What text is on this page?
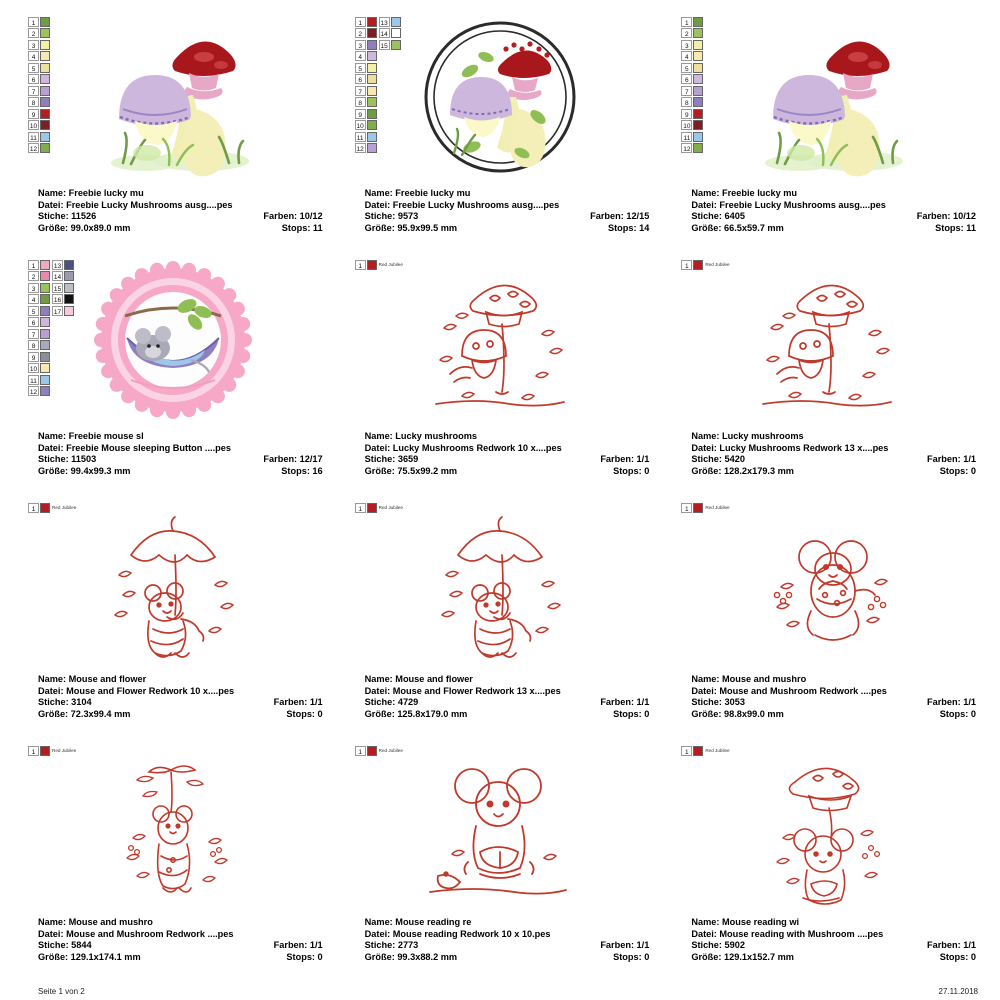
1
2
3
4
5
6
7
8
9
10
11
12
Name: Freebie lucky mu
Datei: Freebie Lucky Mushrooms ausg....pes
Stiche: 11526	Farben: 10/12
Größe: 99.0x89.0 mm	Stops: 11
1
2
3
4
5
6
7
8
9
10
11
12
13
14
15
Name: Freebie lucky mu
Datei: Freebie Lucky Mushrooms ausg....pes
Stiche: 9573	Farben: 12/15
Größe: 95.9x99.5 mm	Stops: 14
1
2
3
4
5
6
7
8
9
10
11
12
Name: Freebie lucky mu
Datei: Freebie Lucky Mushrooms ausg....pes
Stiche: 6405	Farben: 10/12
Größe: 66.5x59.7 mm	Stops: 11
1
2
3
4
5
6
7
8
9
10
11
12
13
14
15
16
17
Name: Freebie mouse sl
Datei: Freebie Mouse sleeping Button ....pes
Stiche: 11503	Farben: 12/17
Größe: 99.4x99.3 mm	Stops: 16
1	Red Jubilee
Name: Lucky mushrooms
Datei: Lucky Mushrooms Redwork 10 x....pes
Stiche: 3659	Farben: 1/1
Größe: 75.5x99.2 mm	Stops: 0
1	Red Jubilee
Name: Lucky mushrooms
Datei: Lucky Mushrooms Redwork 13 x....pes
Stiche: 5420	Farben: 1/1
Größe: 128.2x179.3 mm	Stops: 0
1	Red Jubilee
Name: Mouse and flower
Datei: Mouse and Flower Redwork 10 x....pes
Stiche: 3104	Farben: 1/1
Größe: 72.3x99.4 mm	Stops: 0
1	Red Jubilee
Name: Mouse and flower
Datei: Mouse and Flower Redwork 13 x....pes
Stiche: 4729	Farben: 1/1
Größe: 125.8x179.0 mm	Stops: 0
1	Red Jubilee
Name: Mouse and mushro
Datei: Mouse and Mushroom Redwork ....pes
Stiche: 3053	Farben: 1/1
Größe: 98.8x99.0 mm	Stops: 0
1	Red Jubilee
Name: Mouse and mushro
Datei: Mouse and Mushroom Redwork ....pes
Stiche: 5844	Farben: 1/1
Größe: 129.1x174.1 mm	Stops: 0
1	Red Jubilee
Name: Mouse reading re
Datei: Mouse reading Redwork 10 x 10.pes
Stiche: 2773	Farben: 1/1
Größe: 99.3x88.2 mm	Stops: 0
1	Red Jubilee
Name: Mouse reading wi
Datei: Mouse reading with Mushroom ....pes
Stiche: 5902	Farben: 1/1
Größe: 129.1x152.7 mm	Stops: 0
Seite 1 von 2	27.11.2018
